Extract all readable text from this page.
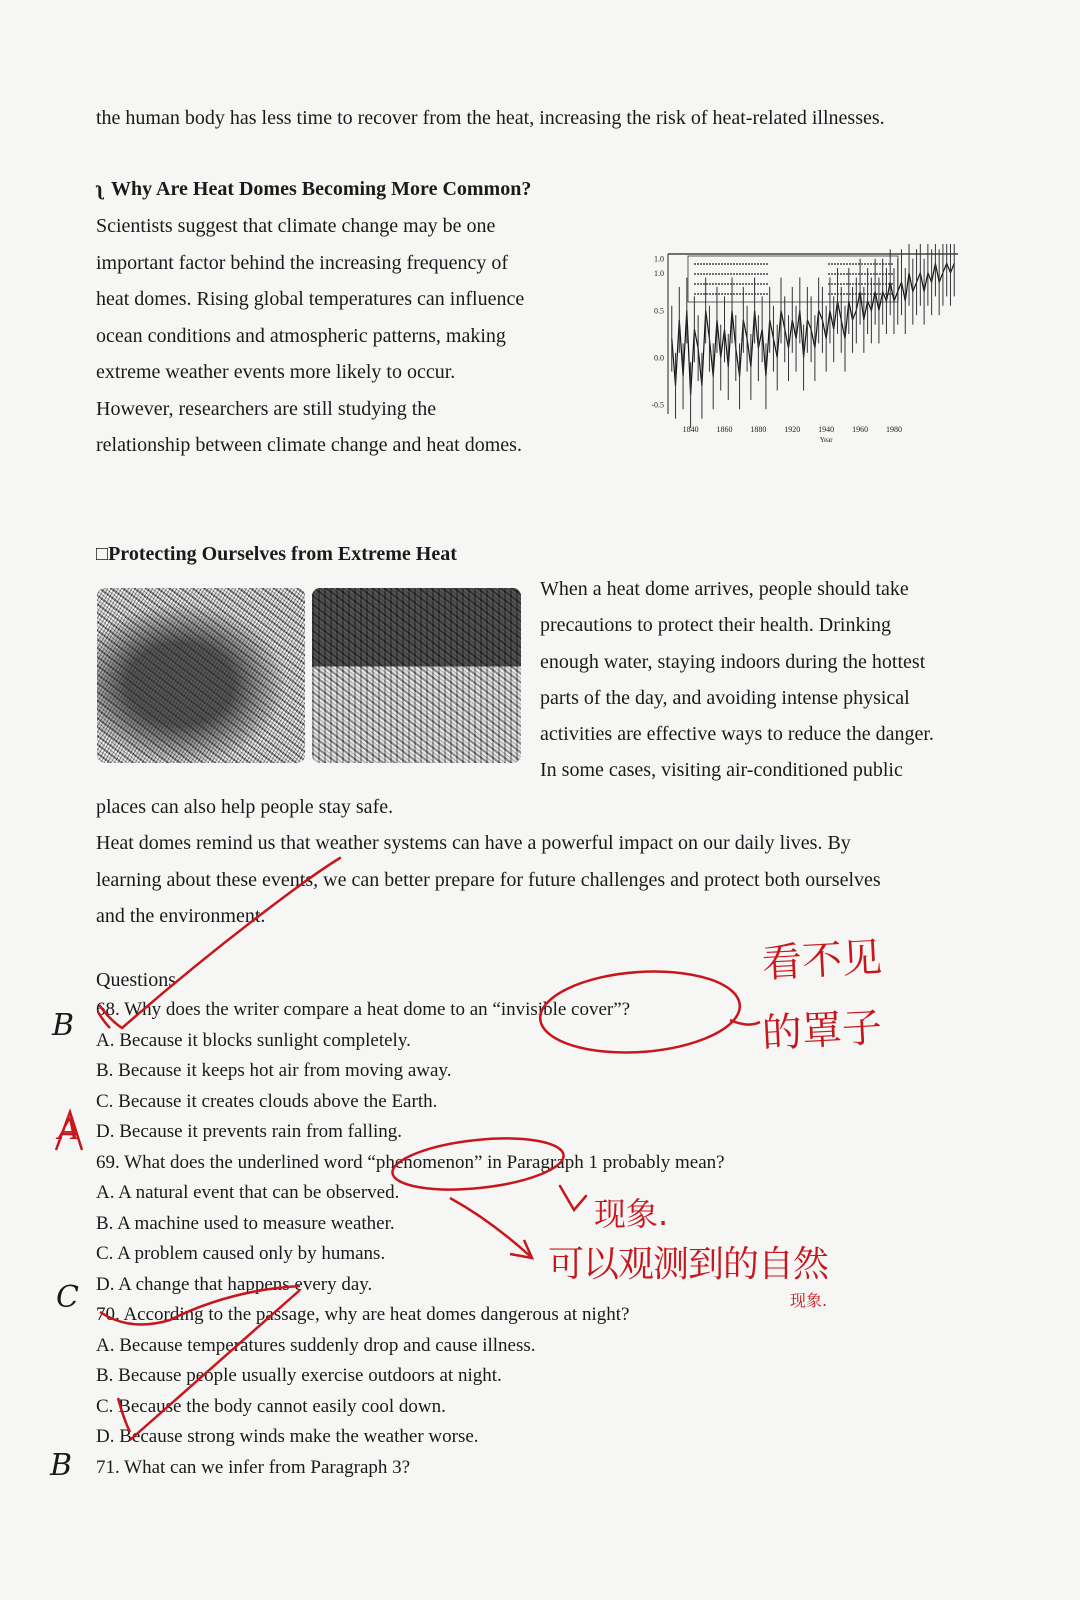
the human body has less time to recover from the heat, increasing the risk of heat-related illnesses.
ʅ Why Are Heat Domes Becoming More Common?
Scientists suggest that climate change may be one
important factor behind the increasing frequency of
heat domes. Rising global temperatures can influence
ocean conditions and atmospheric patterns, making
extreme weather events more likely to occur.
However, researchers are still studying the
relationship between climate change and heat domes.
1.0
1.0
0.5
0.0
-0.5
1840 1860 1880 1920 1940 1960 1980
Year
□Protecting Ourselves from Extreme Heat
When a heat dome arrives, people should take
precautions to protect their health. Drinking
enough water, staying indoors during the hottest
parts of the day, and avoiding intense physical
activities are effective ways to reduce the danger.
In some cases, visiting air-conditioned public
places can also help people stay safe.
Heat domes remind us that weather systems can have a powerful impact on our daily lives. By
learning about these events, we can better prepare for future challenges and protect both ourselves
and the environment.
Questions
68. Why does the writer compare a heat dome to an “invisible cover”?
A. Because it blocks sunlight completely.
B. Because it keeps hot air from moving away.
C. Because it creates clouds above the Earth.
D. Because it prevents rain from falling.
69. What does the underlined word “phenomenon” in Paragraph 1 probably mean?
A. A natural event that can be observed.
B. A machine used to measure weather.
C. A problem caused only by humans.
D. A change that happens every day.
70. According to the passage, why are heat domes dangerous at night?
A. Because temperatures suddenly drop and cause illness.
B. Because people usually exercise outdoors at night.
C. Because the body cannot easily cool down.
D. Because strong winds make the weather worse.
71. What can we infer from Paragraph 3?
B
A
C
B
看不见
的罩子
现象.
可以观测到的自然
现象.
